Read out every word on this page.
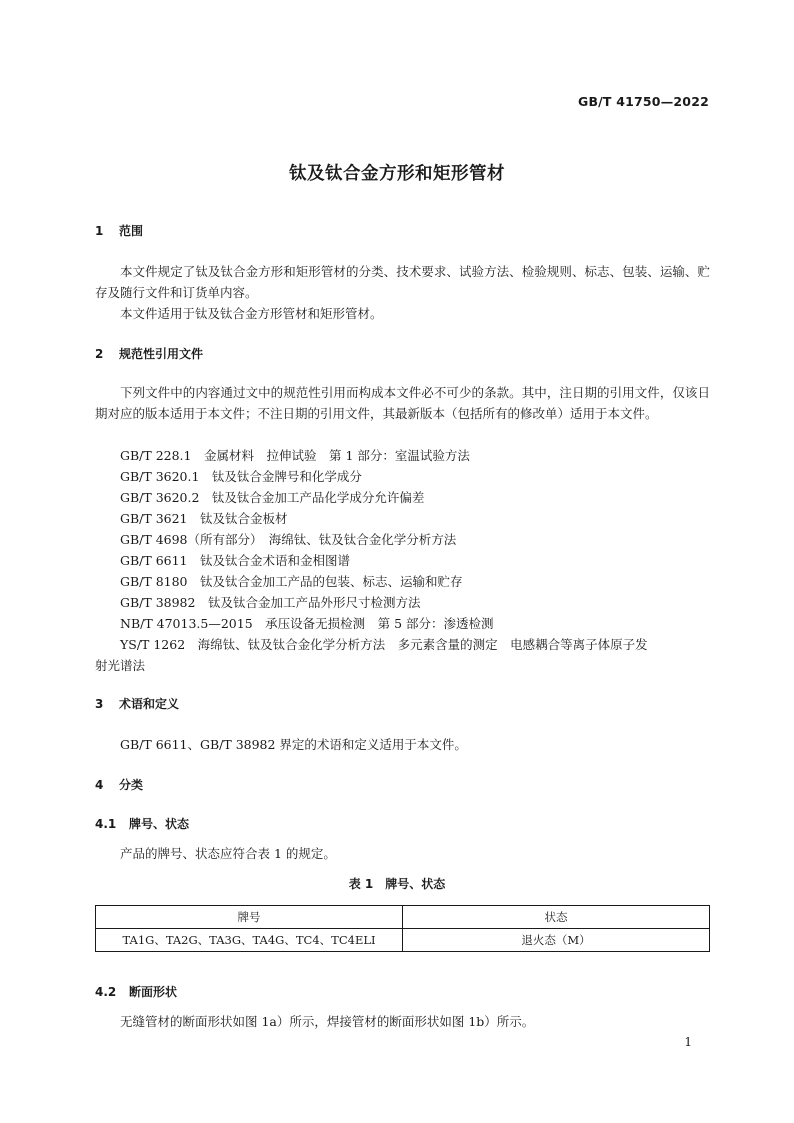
GB/T 41750—2022
钛及钛合金方形和矩形管材
1 范围
本文件规定了钛及钛合金方形和矩形管材的分类、技术要求、试验方法、检验规则、标志、包装、运输、贮存及随行文件和订货单内容。
本文件适用于钛及钛合金方形管材和矩形管材。
2 规范性引用文件
下列文件中的内容通过文中的规范性引用而构成本文件必不可少的条款。其中，注日期的引用文件，仅该日期对应的版本适用于本文件；不注日期的引用文件，其最新版本（包括所有的修改单）适用于本文件。
GB/T 228.1　金属材料　拉伸试验　第 1 部分：室温试验方法
GB/T 3620.1　钛及钛合金牌号和化学成分
GB/T 3620.2　钛及钛合金加工产品化学成分允许偏差
GB/T 3621　钛及钛合金板材
GB/T 4698（所有部分）　海绵钛、钛及钛合金化学分析方法
GB/T 6611　钛及钛合金术语和金相图谱
GB/T 8180　钛及钛合金加工产品的包装、标志、运输和贮存
GB/T 38982　钛及钛合金加工产品外形尺寸检测方法
NB/T 47013.5—2015　承压设备无损检测　第 5 部分：渗透检测
YS/T 1262　海绵钛、钛及钛合金化学分析方法　多元素含量的测定　电感耦合等离子体原子发
射光谱法
3 术语和定义
GB/T 6611、GB/T 38982 界定的术语和定义适用于本文件。
4 分类
4.1 牌号、状态
产品的牌号、状态应符合表 1 的规定。
表 1　牌号、状态
牌号	状态
TA1G、TA2G、TA3G、TA4G、TC4、TC4ELI	退火态（M）
4.2 断面形状
无缝管材的断面形状如图 1a）所示，焊接管材的断面形状如图 1b）所示。
1
